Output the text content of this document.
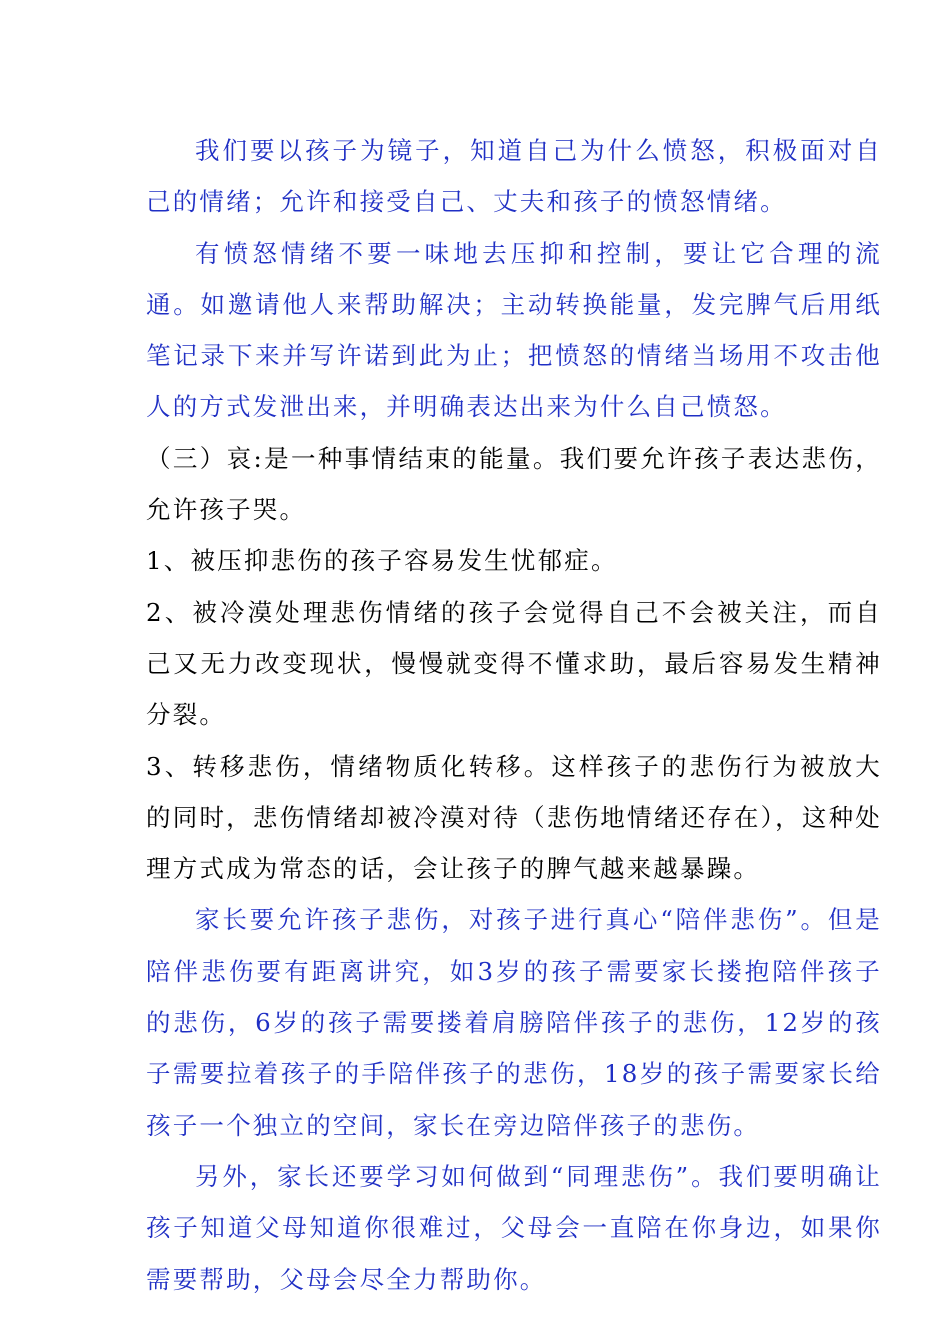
我们要以孩子为镜子，知道自己为什么愤怒，积极面对自己的情绪；允许和接受自己、丈夫和孩子的愤怒情绪。

有愤怒情绪不要一味地去压抑和控制，要让它合理的流通。如邀请他人来帮助解决；主动转换能量，发完脾气后用纸笔记录下来并写许诺到此为止；把愤怒的情绪当场用不攻击他人的方式发泄出来，并明确表达出来为什么自己愤怒。

（三）哀:是一种事情结束的能量。我们要允许孩子表达悲伤，允许孩子哭。

1、被压抑悲伤的孩子容易发生忧郁症。

2、被冷漠处理悲伤情绪的孩子会觉得自己不会被关注，而自己又无力改变现状，慢慢就变得不懂求助，最后容易发生精神分裂。

3、转移悲伤，情绪物质化转移。这样孩子的悲伤行为被放大的同时，悲伤情绪却被冷漠对待（悲伤地情绪还存在），这种处理方式成为常态的话，会让孩子的脾气越来越暴躁。

家长要允许孩子悲伤，对孩子进行真心“陪伴悲伤”。但是陪伴悲伤要有距离讲究，如3岁的孩子需要家长搂抱陪伴孩子的悲伤，6岁的孩子需要搂着肩膀陪伴孩子的悲伤，12岁的孩子需要拉着孩子的手陪伴孩子的悲伤，18岁的孩子需要家长给孩子一个独立的空间，家长在旁边陪伴孩子的悲伤。

另外，家长还要学习如何做到“同理悲伤”。我们要明确让孩子知道父母知道你很难过，父母会一直陪在你身边，如果你需要帮助，父母会尽全力帮助你。
